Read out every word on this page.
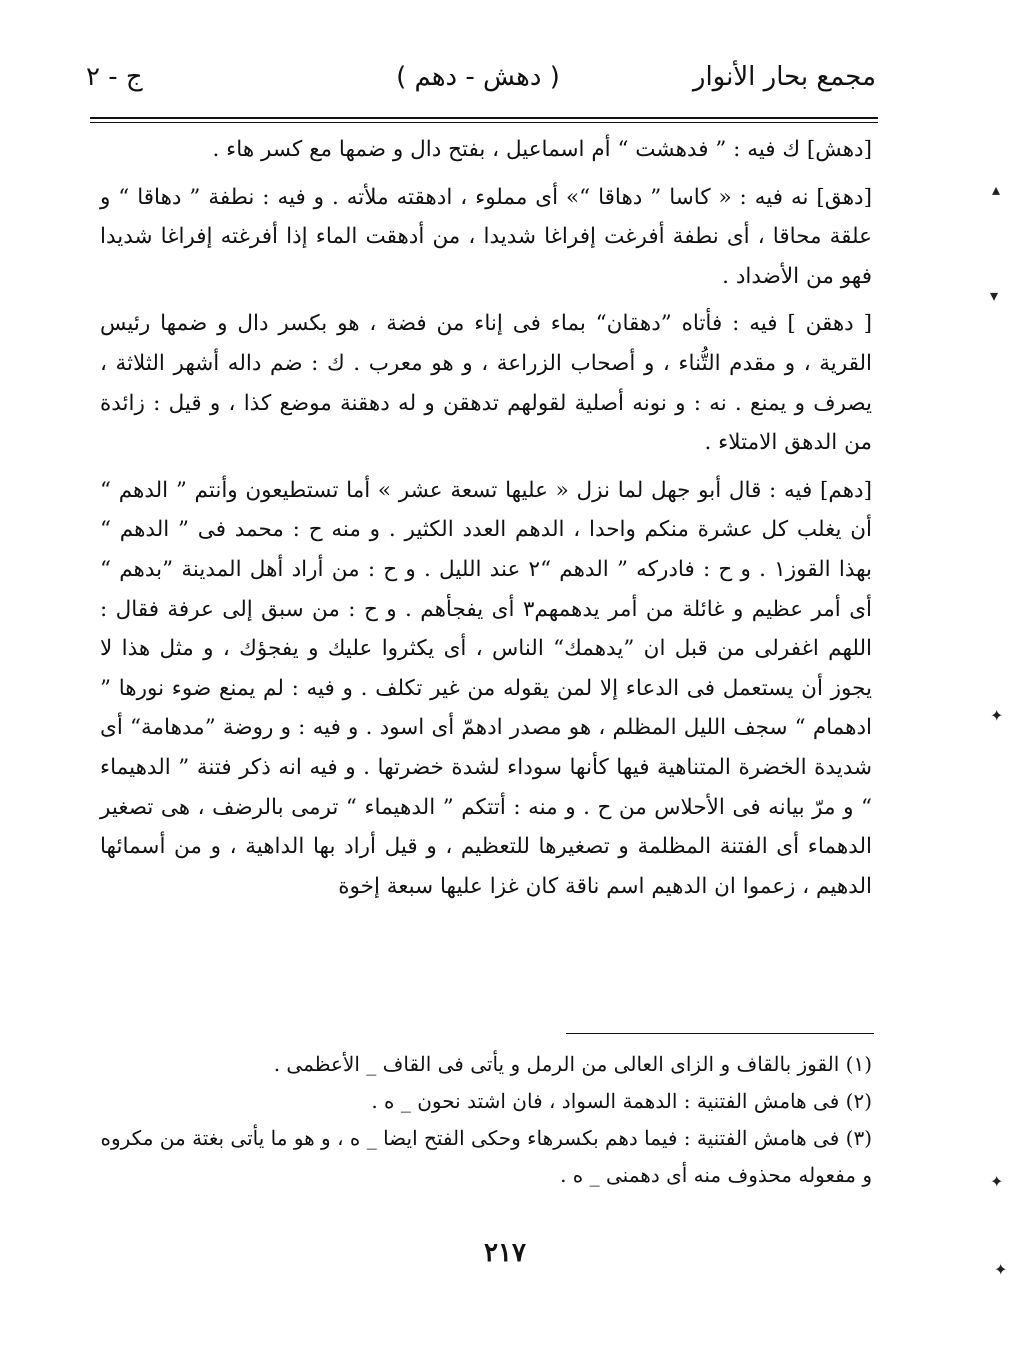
مجمع بحار الأنوار
( دهش - دهم )
ج - ٢

[دهش] ك فيه : ” فدهشت “ أم اسماعيل ، بفتح دال و ضمها مع كسر هاء .

[دهق] نه فيه : « كاسا ” دهاقا “» أى مملوء ، ادهقته ملأته . و فيه : نطفة ” دهاقا “ و علقة محاقا ، أى نطفة أفرغت إفراغا شديدا ، من أدهقت الماء إذا أفرغته إفراغا شديدا فهو من الأضداد .

[ دهقن ] فيه : فأتاه ”دهقان“ بماء فى إناء من فضة ، هو بكسر دال و ضمها رئيس القرية ، و مقدم التُّناء ، و أصحاب الزراعة ، و هو معرب . ك : ضم داله أشهر الثلاثة ، يصرف و يمنع . نه : و نونه أصلية لقولهم تدهقن و له دهقنة موضع كذا ، و قيل : زائدة من الدهق الامتلاء .

[دهم] فيه : قال أبو جهل لما نزل « عليها تسعة عشر » أما تستطيعون وأنتم ” الدهم “ أن يغلب كل عشرة منكم واحدا ، الدهم العدد الكثير . و منه ح : محمد فى ” الدهم “ بهذا القوز١ . و ح : فادركه ” الدهم “٢ عند الليل . و ح : من أراد أهل المدينة ”بدهم “ أى أمر عظيم و غائلة من أمر يدهمهم٣ أى يفجأهم . و ح : من سبق إلى عرفة فقال : اللهم اغفرلى من قبل ان ”يدهمك“ الناس ، أى يكثروا عليك و يفجؤك ، و مثل هذا لا يجوز أن يستعمل فى الدعاء إلا لمن يقوله من غير تكلف . و فيه : لم يمنع ضوء نورها ” ادهمام “ سجف الليل المظلم ، هو مصدر ادهمّ أى اسود . و فيه : و روضة ”مدهامة“ أى شديدة الخضرة المتناهية فيها كأنها سوداء لشدة خضرتها . و فيه انه ذكر فتنة ” الدهيماء “ و مرّ بيانه فى الأحلاس من ح . و منه : أتتكم ” الدهيماء “ ترمى بالرضف ، هى تصغير الدهماء أى الفتنة المظلمة و تصغيرها للتعظيم ، و قيل أراد بها الداهية ، و من أسمائها الدهيم ، زعموا ان الدهيم اسم ناقة كان غزا عليها سبعة إخوة

(١) القوز بالقاف و الزاى العالى من الرمل و يأتى فى القاف _ الأعظمى .

(٢) فى هامش الفتنية : الدهمة السواد ، فان اشتد نحون _ ه .

(٣) فى هامش الفتنية : فيما دهم بكسرهاء وحكى الفتح ايضا _ ه ، و هو ما يأتى بغتة من مكروه و مفعوله محذوف منه أى دهمنى _ ه .

٢١٧
▴
▾
✦
✦
✦
